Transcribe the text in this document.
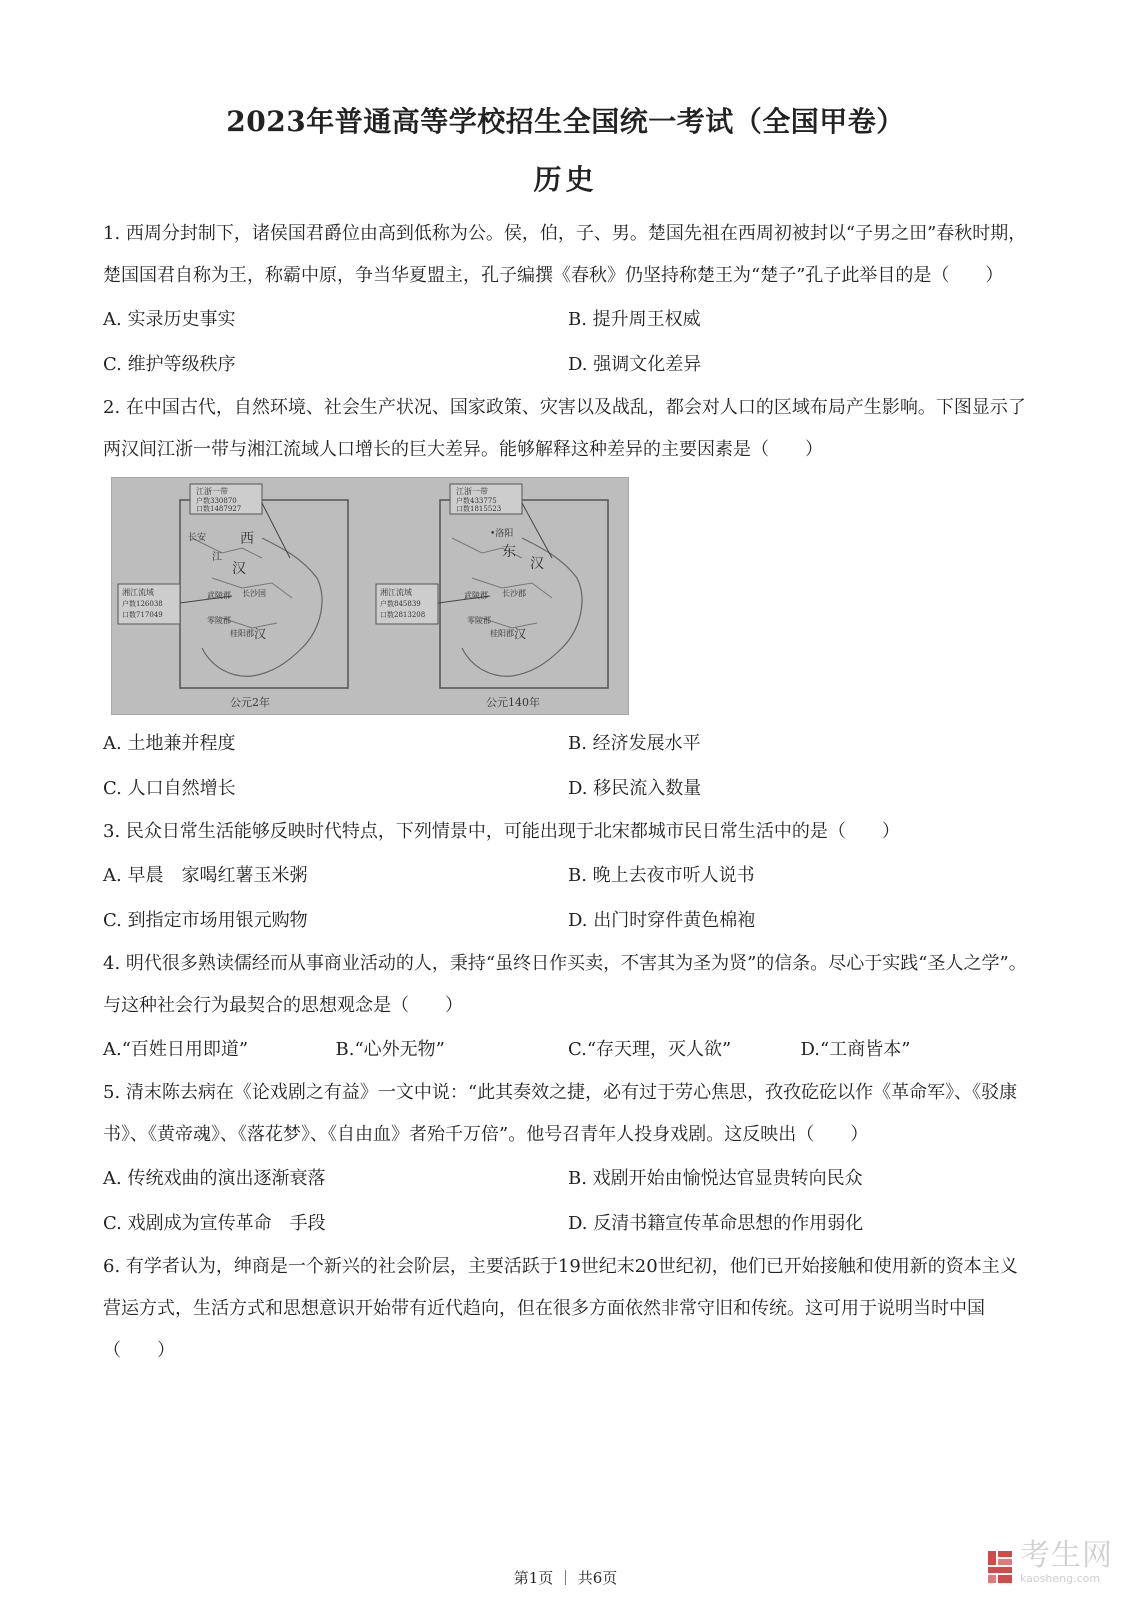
2023年普通高等学校招生全国统一考试（全国甲卷）
历史

1. 西周分封制下，诸侯国君爵位由高到低称为公。侯，伯，子、男。楚国先祖在西周初被封以“子男之田”春秋时期，楚国国君自称为王，称霸中原，争当华夏盟主，孔子编撰《春秋》仍坚持称楚王为“楚子”孔子此举目的是（　　）

A. 实录历史事实	B. 提升周王权威
C. 维护等级秩序	D. 强调文化差异

2. 在中国古代，自然环境、社会生产状况、国家政策、灾害以及战乱，都会对人口的区域布局产生影响。下图显示了两汉间江浙一带与湘江流域人口增长的巨大差异。能够解释这种差异的主要因素是（　　）

江浙一带
户数330870
口数1487927
长安 西
汉
江
湘江流域
户数126038
口数717049
武陵郡 长沙国
零陵郡
桂阳郡 汉
公元2年
江浙一带
户数433775
口数1815523
•洛阳
东
汉
湘江流域
户数845839
口数2813208
武陵郡 长沙郡
零陵郡
桂阳郡 汉
公元140年
A. 土地兼并程度	B. 经济发展水平
C. 人口自然增长	D. 移民流入数量

3. 民众日常生活能够反映时代特点，下列情景中，可能出现于北宋都城市民日常生活中的是（　　）

A. 早晨　家喝红薯玉米粥	B. 晚上去夜市听人说书
C. 到指定市场用银元购物	D. 出门时穿件黄色棉袍

4. 明代很多熟读儒经而从事商业活动的人，秉持“虽终日作买卖，不害其为圣为贤”的信条。尽心于实践“圣人之学”。与这种社会行为最契合的思想观念是（　　）

A.“百姓日用即道”	B.“心外无物”	C.“存天理，灭人欲”	D.“工商皆本”

5. 清末陈去病在《论戏剧之有益》一文中说：“此其奏效之捷，必有过于劳心焦思，孜孜矻矻以作《革命军》、《驳康书》、《黄帝魂》、《落花梦》、《自由血》者殆千万倍”。他号召青年人投身戏剧。这反映出（　　）

A. 传统戏曲的演出逐渐衰落	B. 戏剧开始由愉悦达官显贵转向民众
C. 戏剧成为宣传革命　手段	D. 反清书籍宣传革命思想的作用弱化

6. 有学者认为，绅商是一个新兴的社会阶层，主要活跃于19世纪末20世纪初，他们已开始接触和使用新的资本主义营运方式，生活方式和思想意识开始带有近代趋向，但在很多方面依然非常守旧和传统。这可用于说明当时中国（　　）

考生网
kaosheng.com
第1页 ｜ 共6页
